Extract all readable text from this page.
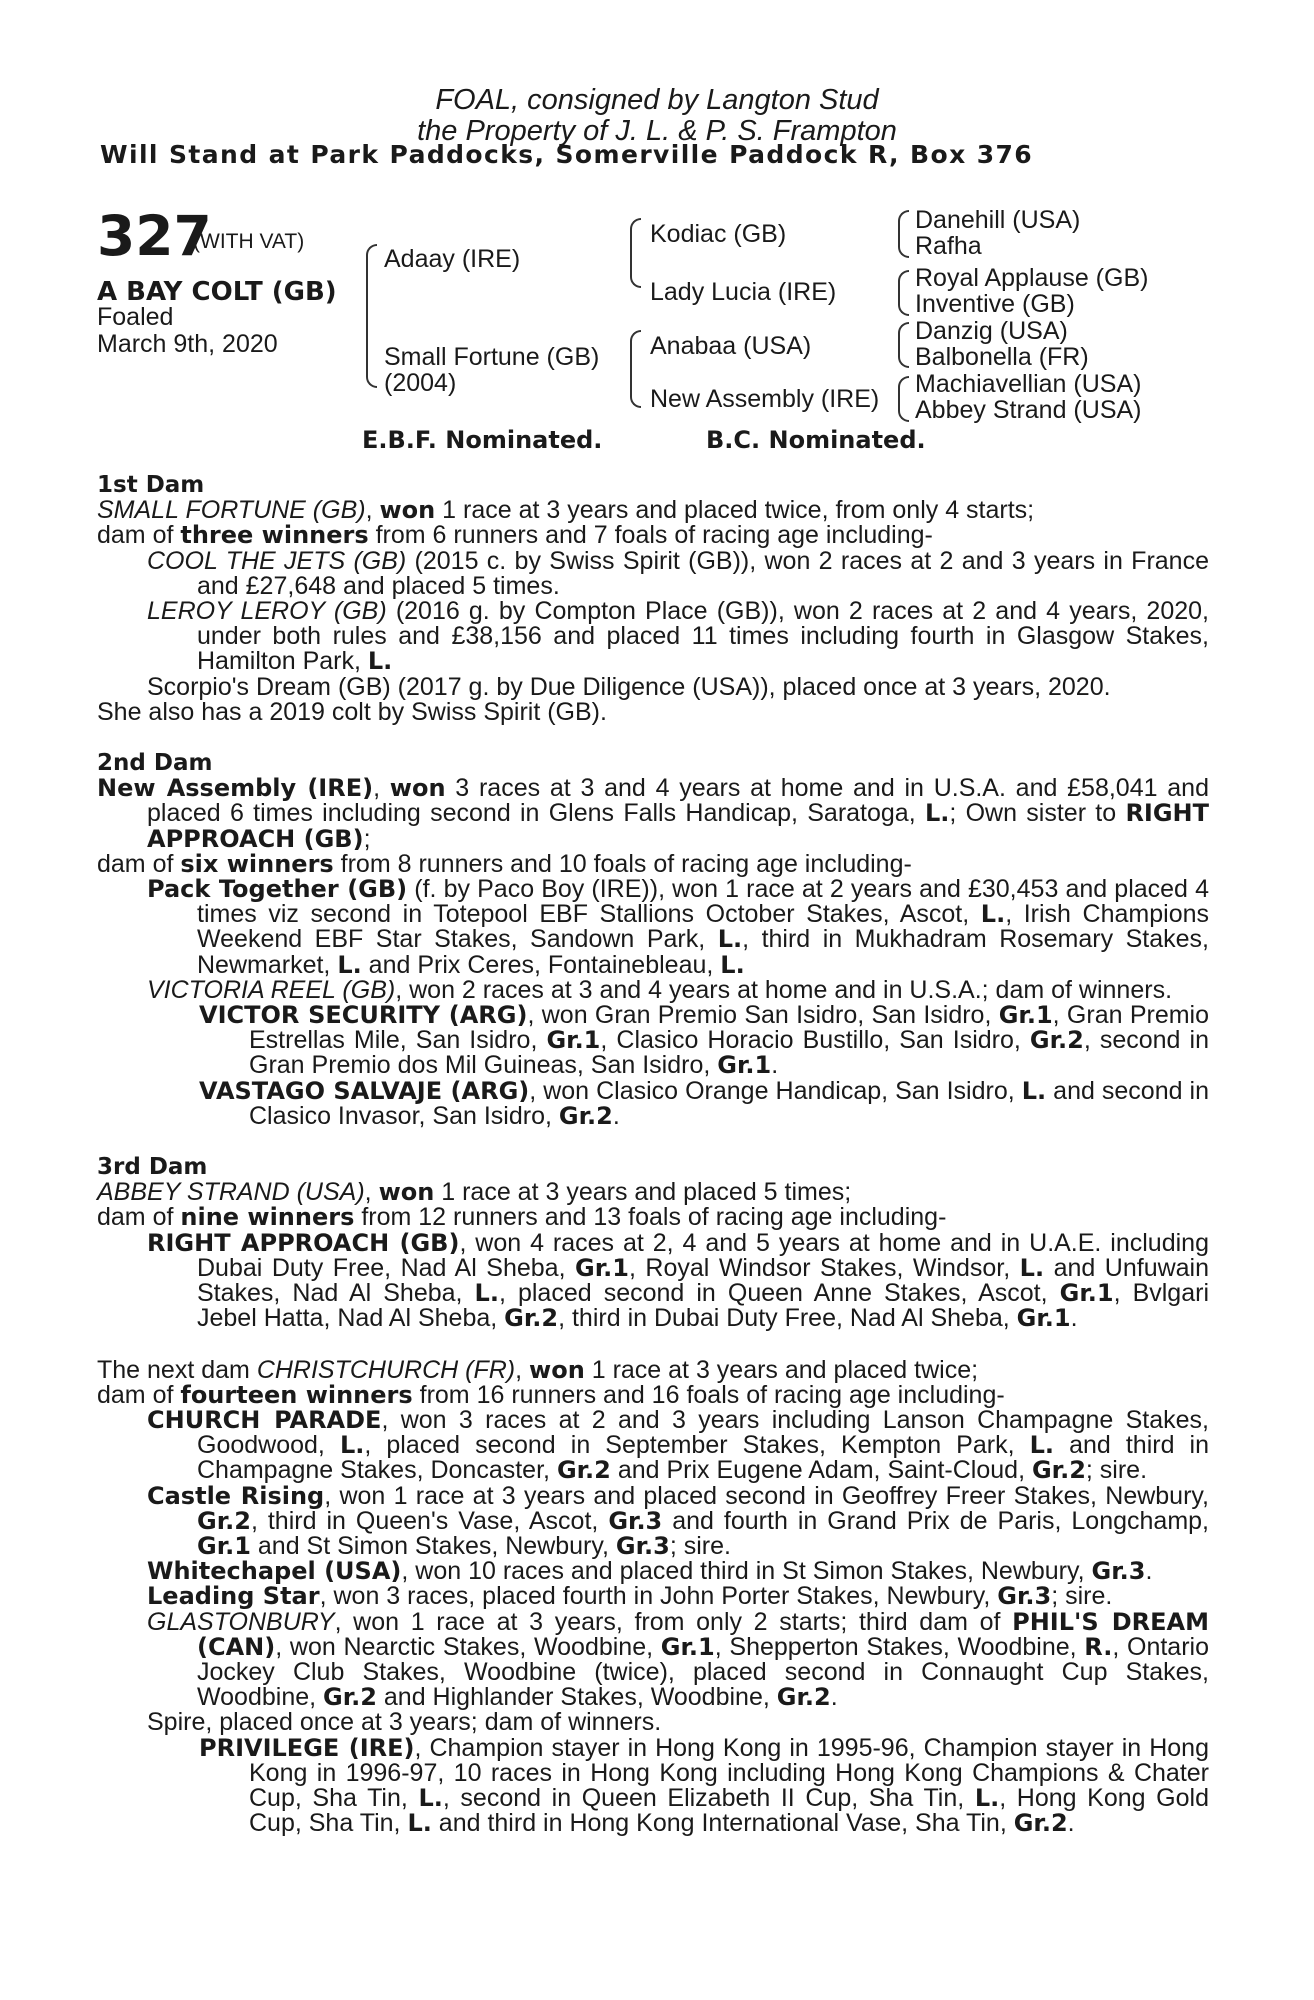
FOAL, consigned by Langton Stud
the Property of J. L. & P. S. Frampton
Will Stand at Park Paddocks, Somerville Paddock R, Box 376
327
(WITH VAT)
A BAY COLT (GB)
Foaled
March 9th, 2020
Adaay (IRE)
Small Fortune (GB)
(2004)
Kodiac (GB)
Lady Lucia (IRE)
Anabaa (USA)
New Assembly (IRE)
Danehill (USA)
Rafha
Royal Applause (GB)
Inventive (GB)
Danzig (USA)
Balbonella (FR)
Machiavellian (USA)
Abbey Strand (USA)
E.B.F. Nominated.	B.C. Nominated.

1st Dam

SMALL FORTUNE (GB), won 1 race at 3 years and placed twice, from only 4 starts;

dam of three winners from 6 runners and 7 foals of racing age including-

COOL THE JETS (GB) (2015 c. by Swiss Spirit (GB)), won 2 races at 2 and 3 years in France and £27,648 and placed 5 times.

LEROY LEROY (GB) (2016 g. by Compton Place (GB)), won 2 races at 2 and 4 years, 2020, under both rules and £38,156 and placed 11 times including fourth in Glasgow Stakes, Hamilton Park, L.

Scorpio's Dream (GB) (2017 g. by Due Diligence (USA)), placed once at 3 years, 2020.

She also has a 2019 colt by Swiss Spirit (GB).

2nd Dam

New Assembly (IRE), won 3 races at 3 and 4 years at home and in U.S.A. and £58,041 and placed 6 times including second in Glens Falls Handicap, Saratoga, L.; Own sister to RIGHT APPROACH (GB);

dam of six winners from 8 runners and 10 foals of racing age including-

Pack Together (GB) (f. by Paco Boy (IRE)), won 1 race at 2 years and £30,453 and placed 4 times viz second in Totepool EBF Stallions October Stakes, Ascot, L., Irish Champions Weekend EBF Star Stakes, Sandown Park, L., third in Mukhadram Rosemary Stakes, Newmarket, L. and Prix Ceres, Fontainebleau, L.

VICTORIA REEL (GB), won 2 races at 3 and 4 years at home and in U.S.A.; dam of winners.

VICTOR SECURITY (ARG), won Gran Premio San Isidro, San Isidro, Gr.1, Gran Premio Estrellas Mile, San Isidro, Gr.1, Clasico Horacio Bustillo, San Isidro, Gr.2, second in Gran Premio dos Mil Guineas, San Isidro, Gr.1.

VASTAGO SALVAJE (ARG), won Clasico Orange Handicap, San Isidro, L. and second in Clasico Invasor, San Isidro, Gr.2.

3rd Dam

ABBEY STRAND (USA), won 1 race at 3 years and placed 5 times;

dam of nine winners from 12 runners and 13 foals of racing age including-

RIGHT APPROACH (GB), won 4 races at 2, 4 and 5 years at home and in U.A.E. including Dubai Duty Free, Nad Al Sheba, Gr.1, Royal Windsor Stakes, Windsor, L. and Unfuwain Stakes, Nad Al Sheba, L., placed second in Queen Anne Stakes, Ascot, Gr.1, Bvlgari Jebel Hatta, Nad Al Sheba, Gr.2, third in Dubai Duty Free, Nad Al Sheba, Gr.1.

The next dam CHRISTCHURCH (FR), won 1 race at 3 years and placed twice;

dam of fourteen winners from 16 runners and 16 foals of racing age including-

CHURCH PARADE, won 3 races at 2 and 3 years including Lanson Champagne Stakes, Goodwood, L., placed second in September Stakes, Kempton Park, L. and third in Champagne Stakes, Doncaster, Gr.2 and Prix Eugene Adam, Saint-Cloud, Gr.2; sire.

Castle Rising, won 1 race at 3 years and placed second in Geoffrey Freer Stakes, Newbury, Gr.2, third in Queen's Vase, Ascot, Gr.3 and fourth in Grand Prix de Paris, Longchamp, Gr.1 and St Simon Stakes, Newbury, Gr.3; sire.

Whitechapel (USA), won 10 races and placed third in St Simon Stakes, Newbury, Gr.3.

Leading Star, won 3 races, placed fourth in John Porter Stakes, Newbury, Gr.3; sire.

GLASTONBURY, won 1 race at 3 years, from only 2 starts; third dam of PHIL'S DREAM (CAN), won Nearctic Stakes, Woodbine, Gr.1, Shepperton Stakes, Woodbine, R., Ontario Jockey Club Stakes, Woodbine (twice), placed second in Connaught Cup Stakes, Woodbine, Gr.2 and Highlander Stakes, Woodbine, Gr.2.

Spire, placed once at 3 years; dam of winners.

PRIVILEGE (IRE), Champion stayer in Hong Kong in 1995-96, Champion stayer in Hong Kong in 1996-97, 10 races in Hong Kong including Hong Kong Champions & Chater Cup, Sha Tin, L., second in Queen Elizabeth II Cup, Sha Tin, L., Hong Kong Gold Cup, Sha Tin, L. and third in Hong Kong International Vase, Sha Tin, Gr.2.
